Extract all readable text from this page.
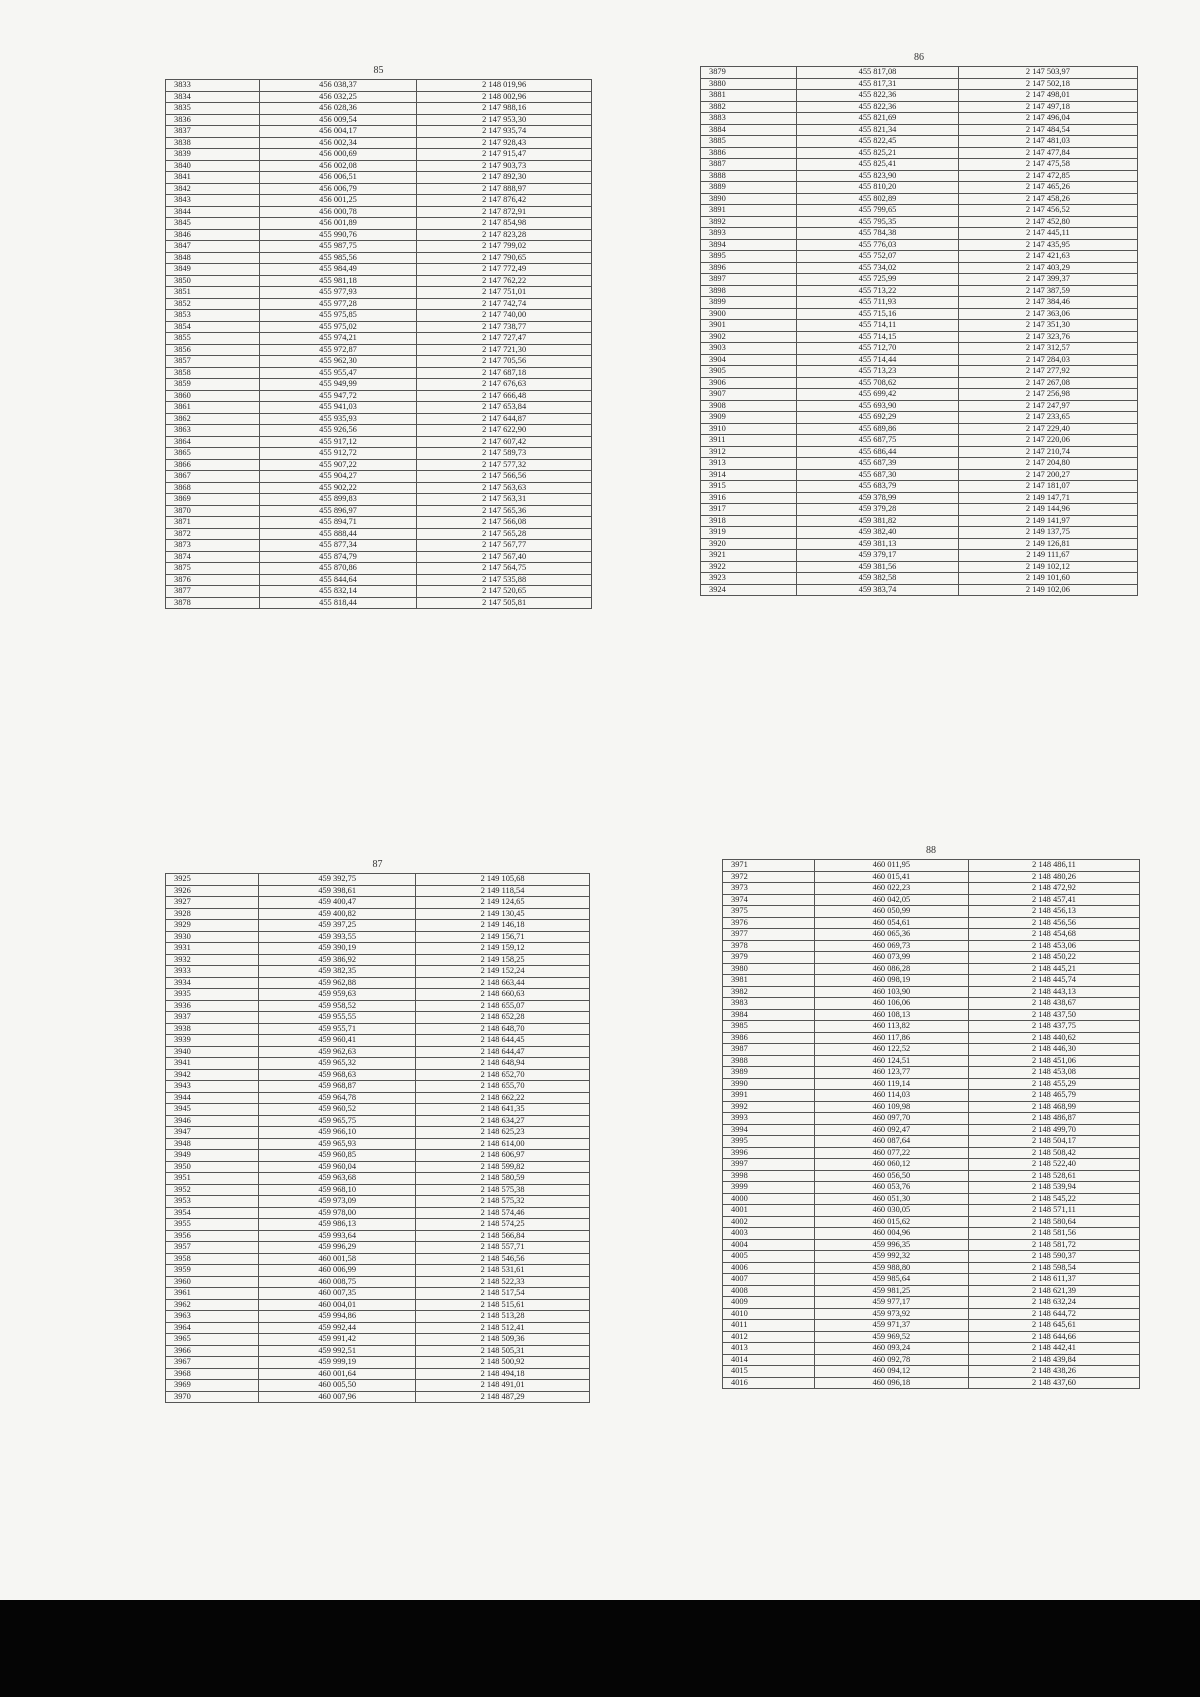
85
3833	456 038,37	2 148 019,96
3834	456 032,25	2 148 002,96
3835	456 028,36	2 147 988,16
3836	456 009,54	2 147 953,30
3837	456 004,17	2 147 935,74
3838	456 002,34	2 147 928,43
3839	456 000,69	2 147 915,47
3840	456 002,08	2 147 903,73
3841	456 006,51	2 147 892,30
3842	456 006,79	2 147 888,97
3843	456 001,25	2 147 876,42
3844	456 000,78	2 147 872,91
3845	456 001,89	2 147 854,98
3846	455 990,76	2 147 823,28
3847	455 987,75	2 147 799,02
3848	455 985,56	2 147 790,65
3849	455 984,49	2 147 772,49
3850	455 981,18	2 147 762,22
3851	455 977,93	2 147 751,01
3852	455 977,28	2 147 742,74
3853	455 975,85	2 147 740,00
3854	455 975,02	2 147 738,77
3855	455 974,21	2 147 727,47
3856	455 972,87	2 147 721,30
3857	455 962,30	2 147 705,56
3858	455 955,47	2 147 687,18
3859	455 949,99	2 147 676,63
3860	455 947,72	2 147 666,48
3861	455 941,03	2 147 653,84
3862	455 935,93	2 147 644,87
3863	455 926,56	2 147 622,90
3864	455 917,12	2 147 607,42
3865	455 912,72	2 147 589,73
3866	455 907,22	2 147 577,32
3867	455 904,27	2 147 566,56
3868	455 902,22	2 147 563,63
3869	455 899,83	2 147 563,31
3870	455 896,97	2 147 565,36
3871	455 894,71	2 147 566,08
3872	455 888,44	2 147 565,28
3873	455 877,34	2 147 567,77
3874	455 874,79	2 147 567,40
3875	455 870,86	2 147 564,75
3876	455 844,64	2 147 535,88
3877	455 832,14	2 147 520,65
3878	455 818,44	2 147 505,81
86
3879	455 817,08	2 147 503,97
3880	455 817,31	2 147 502,18
3881	455 822,36	2 147 498,01
3882	455 822,36	2 147 497,18
3883	455 821,69	2 147 496,04
3884	455 821,34	2 147 484,54
3885	455 822,45	2 147 481,03
3886	455 825,21	2 147 477,84
3887	455 825,41	2 147 475,58
3888	455 823,90	2 147 472,85
3889	455 810,20	2 147 465,26
3890	455 802,89	2 147 458,26
3891	455 799,65	2 147 456,52
3892	455 795,35	2 147 452,80
3893	455 784,38	2 147 445,11
3894	455 776,03	2 147 435,95
3895	455 752,07	2 147 421,63
3896	455 734,02	2 147 403,29
3897	455 725,99	2 147 399,37
3898	455 713,22	2 147 387,59
3899	455 711,93	2 147 384,46
3900	455 715,16	2 147 363,06
3901	455 714,11	2 147 351,30
3902	455 714,15	2 147 323,76
3903	455 712,70	2 147 312,57
3904	455 714,44	2 147 284,03
3905	455 713,23	2 147 277,92
3906	455 708,62	2 147 267,08
3907	455 699,42	2 147 256,98
3908	455 693,90	2 147 247,97
3909	455 692,29	2 147 233,65
3910	455 689,86	2 147 229,40
3911	455 687,75	2 147 220,06
3912	455 686,44	2 147 210,74
3913	455 687,39	2 147 204,80
3914	455 687,30	2 147 200,27
3915	455 683,79	2 147 181,07
3916	459 378,99	2 149 147,71
3917	459 379,28	2 149 144,96
3918	459 381,82	2 149 141,97
3919	459 382,40	2 149 137,75
3920	459 381,13	2 149 126,81
3921	459 379,17	2 149 111,67
3922	459 381,56	2 149 102,12
3923	459 382,58	2 149 101,60
3924	459 383,74	2 149 102,06
87
3925	459 392,75	2 149 105,68
3926	459 398,61	2 149 118,54
3927	459 400,47	2 149 124,65
3928	459 400,82	2 149 130,45
3929	459 397,25	2 149 146,18
3930	459 393,55	2 149 156,71
3931	459 390,19	2 149 159,12
3932	459 386,92	2 149 158,25
3933	459 382,35	2 149 152,24
3934	459 962,88	2 148 663,44
3935	459 959,63	2 148 660,63
3936	459 958,52	2 148 655,07
3937	459 955,55	2 148 652,28
3938	459 955,71	2 148 648,70
3939	459 960,41	2 148 644,45
3940	459 962,63	2 148 644,47
3941	459 965,32	2 148 648,94
3942	459 968,63	2 148 652,70
3943	459 968,87	2 148 655,70
3944	459 964,78	2 148 662,22
3945	459 960,52	2 148 641,35
3946	459 965,75	2 148 634,27
3947	459 966,10	2 148 625,23
3948	459 965,93	2 148 614,00
3949	459 960,85	2 148 606,97
3950	459 960,04	2 148 599,82
3951	459 963,68	2 148 580,59
3952	459 968,10	2 148 575,38
3953	459 973,09	2 148 575,32
3954	459 978,00	2 148 574,46
3955	459 986,13	2 148 574,25
3956	459 993,64	2 148 566,84
3957	459 996,29	2 148 557,71
3958	460 001,58	2 148 546,56
3959	460 006,99	2 148 531,61
3960	460 008,75	2 148 522,33
3961	460 007,35	2 148 517,54
3962	460 004,01	2 148 515,61
3963	459 994,86	2 148 513,28
3964	459 992,44	2 148 512,41
3965	459 991,42	2 148 509,36
3966	459 992,51	2 148 505,31
3967	459 999,19	2 148 500,92
3968	460 001,64	2 148 494,18
3969	460 005,50	2 148 491,01
3970	460 007,96	2 148 487,29
88
3971	460 011,95	2 148 486,11
3972	460 015,41	2 148 480,26
3973	460 022,23	2 148 472,92
3974	460 042,05	2 148 457,41
3975	460 050,99	2 148 456,13
3976	460 054,61	2 148 456,56
3977	460 065,36	2 148 454,68
3978	460 069,73	2 148 453,06
3979	460 073,99	2 148 450,22
3980	460 086,28	2 148 445,21
3981	460 098,19	2 148 445,74
3982	460 103,90	2 148 443,13
3983	460 106,06	2 148 438,67
3984	460 108,13	2 148 437,50
3985	460 113,82	2 148 437,75
3986	460 117,86	2 148 440,62
3987	460 122,52	2 148 446,30
3988	460 124,51	2 148 451,06
3989	460 123,77	2 148 453,08
3990	460 119,14	2 148 455,29
3991	460 114,03	2 148 465,79
3992	460 109,98	2 148 468,99
3993	460 097,70	2 148 486,87
3994	460 092,47	2 148 499,70
3995	460 087,64	2 148 504,17
3996	460 077,22	2 148 508,42
3997	460 060,12	2 148 522,40
3998	460 056,50	2 148 528,61
3999	460 053,76	2 148 539,94
4000	460 051,30	2 148 545,22
4001	460 030,05	2 148 571,11
4002	460 015,62	2 148 580,64
4003	460 004,96	2 148 581,56
4004	459 996,35	2 148 581,72
4005	459 992,32	2 148 590,37
4006	459 988,80	2 148 598,54
4007	459 985,64	2 148 611,37
4008	459 981,25	2 148 621,39
4009	459 977,17	2 148 632,24
4010	459 973,92	2 148 644,72
4011	459 971,37	2 148 645,61
4012	459 969,52	2 148 644,66
4013	460 093,24	2 148 442,41
4014	460 092,78	2 148 439,84
4015	460 094,12	2 148 438,26
4016	460 096,18	2 148 437,60
